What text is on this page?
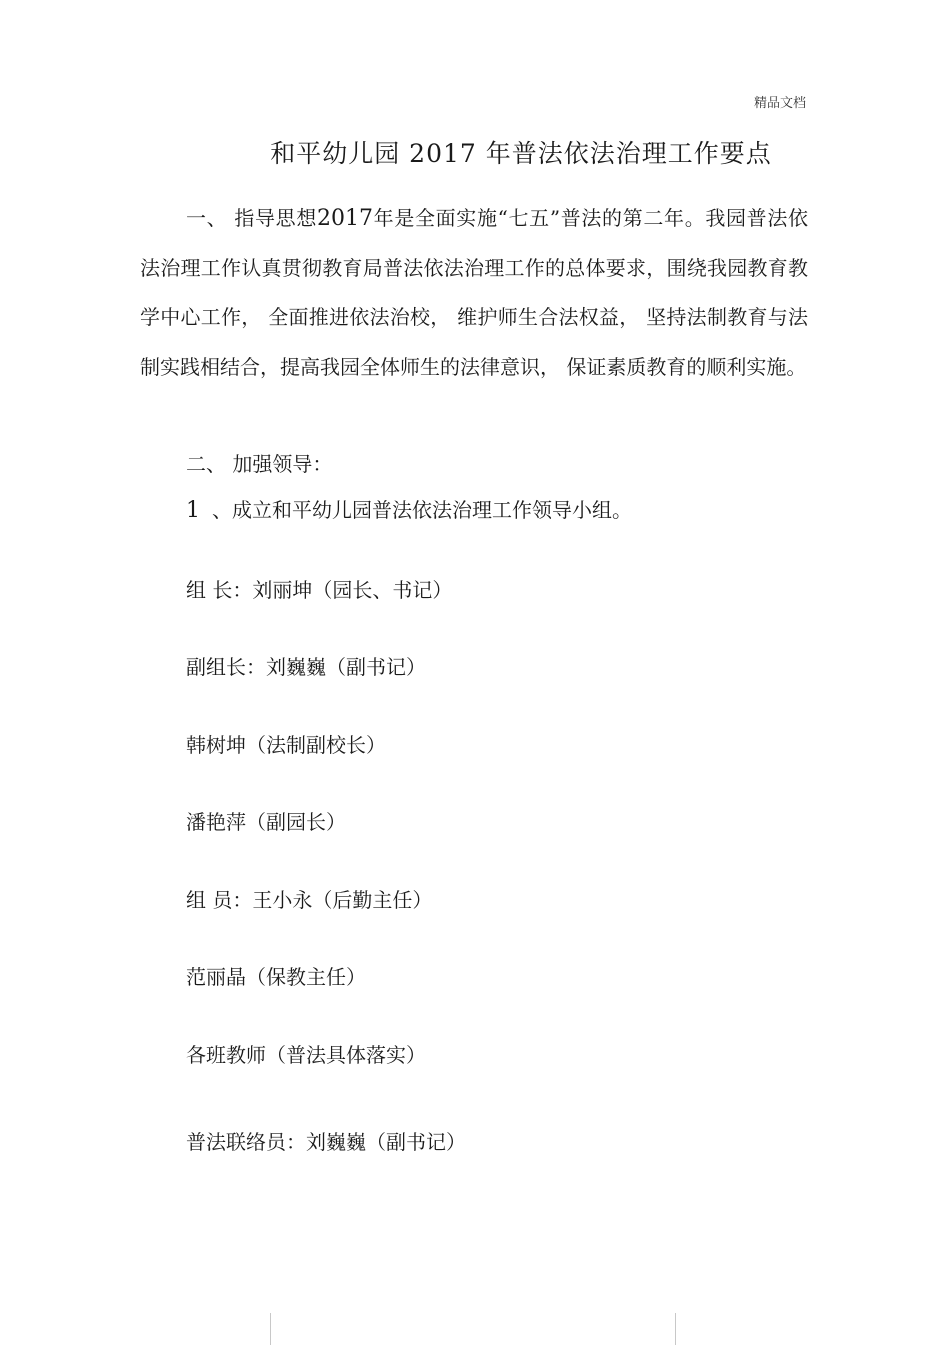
精品文档
和平幼儿园 2017 年普法依法治理工作要点

一、 指导思想2017年是全面实施“七五”普法的第二年。我园普法依法治理工作认真贯彻教育局普法依法治理工作的总体要求，围绕我园教育教学中心工作， 全面推进依法治校， 维护师生合法权益， 坚持法制教育与法制实践相结合，提高我园全体师生的法律意识， 保证素质教育的顺利实施。

二、 加强领导：
1 、成立和平幼儿园普法依法治理工作领导小组。
组 长：刘丽坤（园长、书记）
副组长：刘巍巍（副书记）
韩树坤（法制副校长）
潘艳萍（副园长）
组 员：王小永（后勤主任）
范丽晶（保教主任）
各班教师（普法具体落实）
普法联络员：刘巍巍（副书记）
